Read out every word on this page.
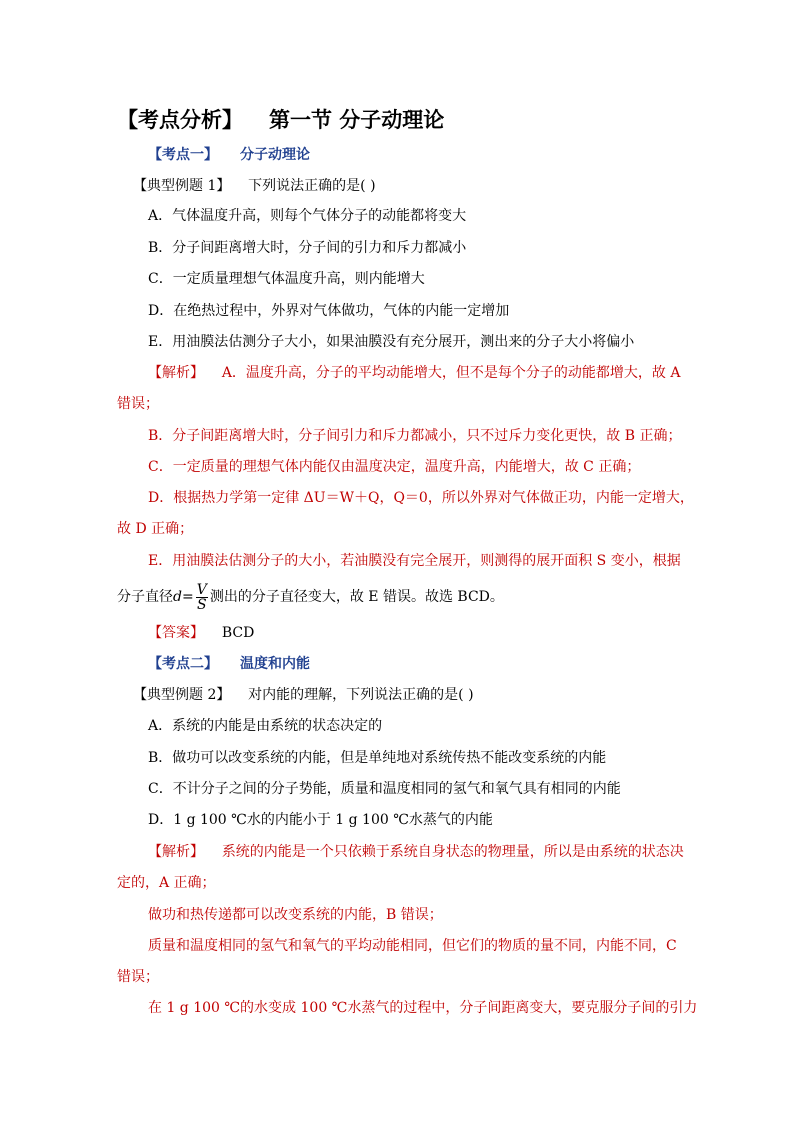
【考点分析】 第一节 分子动理论
【考点一】 分子动理论
【典型例题 1】 下列说法正确的是( )
A．气体温度升高，则每个气体分子的动能都将变大
B．分子间距离增大时，分子间的引力和斥力都减小
C．一定质量理想气体温度升高，则内能增大
D．在绝热过程中，外界对气体做功，气体的内能一定增加
E．用油膜法估测分子大小，如果油膜没有充分展开，测出来的分子大小将偏小
【解析】 A．温度升高，分子的平均动能增大，但不是每个分子的动能都增大，故 A
错误；
B．分子间距离增大时，分子间引力和斥力都减小，只不过斥力变化更快，故 B 正确；
C．一定质量的理想气体内能仅由温度决定，温度升高，内能增大，故 C 正确；
D．根据热力学第一定律 ΔU＝W＋Q，Q＝0，所以外界对气体做正功，内能一定增大，
故 D 正确；
E．用油膜法估测分子的大小，若油膜没有完全展开，则测得的展开面积 S 变小，根据
分子直径$d= \frac{V}{S}$ 测出的分子直径变大，故 E 错误。故选 BCD。
【答案】 BCD
【考点二】 温度和内能
【典型例题 2】 对内能的理解，下列说法正确的是( )
A．系统的内能是由系统的状态决定的
B．做功可以改变系统的内能，但是单纯地对系统传热不能改变系统的内能
C．不计分子之间的分子势能，质量和温度相同的氢气和氧气具有相同的内能
D．1 g 100 ℃水的内能小于 1 g 100 ℃水蒸气的内能
【解析】 系统的内能是一个只依赖于系统自身状态的物理量，所以是由系统的状态决
定的，A 正确；
做功和热传递都可以改变系统的内能，B 错误；
质量和温度相同的氢气和氧气的平均动能相同，但它们的物质的量不同，内能不同，C
错误；
在 1 g 100 ℃的水变成 100 ℃水蒸气的过程中，分子间距离变大，要克服分子间的引力
